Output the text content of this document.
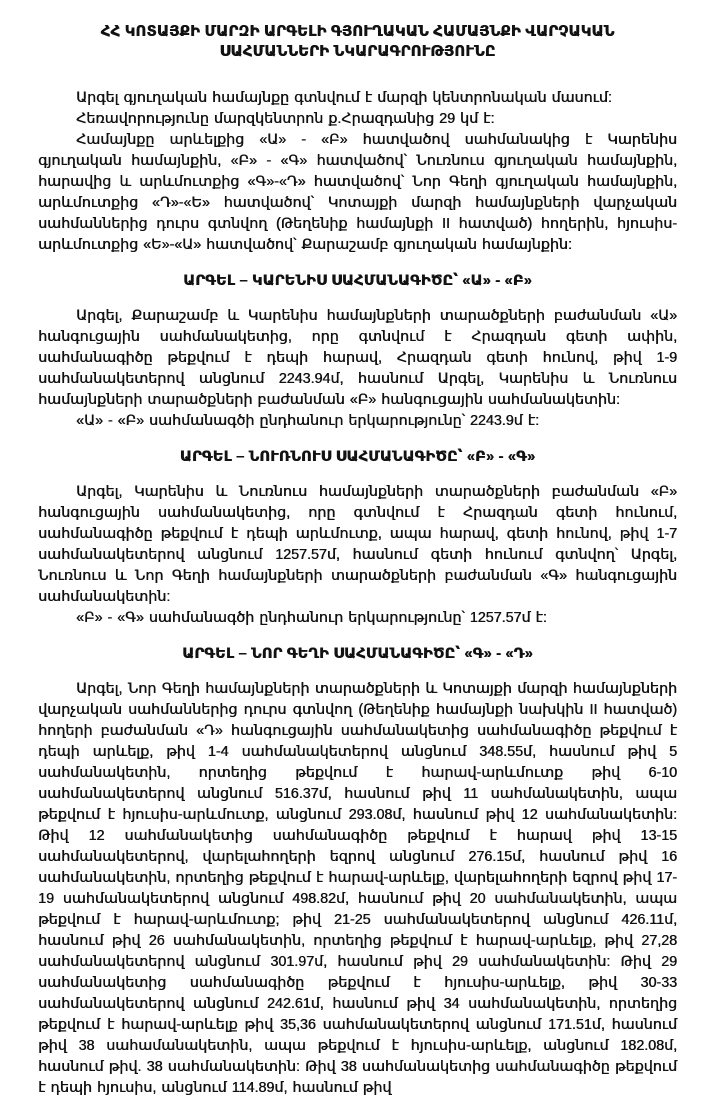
ՀՀ ԿՈՏԱՅՔԻ ՄԱՐԶԻ ԱՐԳԵԼԻ ԳՅՈՒՂԱԿԱՆ ՀԱՄԱՅՆՔԻ ՎԱՐՉԱԿԱՆ
ՍԱՀՄԱՆՆԵՐԻ ՆԿԱՐԱԳՐՈՒԹՅՈՒՆԸ

Արգել գյուղական համայնքը գտնվում է մարզի կենտրոնական մասում:

Հեռավորությունը մարզկենտրոն ք.Հրազդանից 29 կմ է:

Համայնքը արևելքից «Ա» - «Բ» հատվածով սահմանակից է Կարենիս գյուղական համայնքին, «Բ» - «Գ» հատվածով՝ Նուռնուս գյուղական համայնքին, հարավից և արևմուտքից «Գ»-«Դ» հատվածով՝ Նոր Գեղի գյուղական համայնքին, արևմուտքից «Դ»-«Ե» հատվածով՝ Կոտայքի մարզի համայնքների վարչական սահմաններից դուրս գտնվող (Թեղենիք համայնքի II հատված) հողերին, հյուսիս-արևմուտքից «Ե»-«Ա» հատվածով՝ Քարաշամբ գյուղական համայնքին:

ԱՐԳԵԼ – ԿԱՐԵՆԻՍ ՍԱՀՄԱՆԱԳԻԾԸ՝ «Ա» - «Բ»

Արգել, Քարաշամբ և Կարենիս համայնքների տարածքների բաժանման «Ա» հանգուցային սահմանակետից, որը գտնվում է Հրազդան գետի ափին, սահմանագիծը թեքվում է դեպի հարավ, Հրազդան գետի հունով, թիվ 1-9 սահմանակետերով անցնում 2243.94մ, հասնում Արգել, Կարենիս և Նուռնուս համայնքների տարածքների բաժանման «Բ» հանգուցային սահմանակետին:

«Ա» - «Բ» սահմանագծի ընդհանուր երկարությունը՝ 2243.9մ է:

ԱՐԳԵԼ – ՆՈՒՌՆՈՒՍ ՍԱՀՄԱՆԱԳԻԾԸ՝ «Բ» - «Գ»

Արգել, Կարենիս և Նուռնուս համայնքների տարածքների բաժանման «Բ» հանգուցային սահմանակետից, որը գտնվում է Հրազդան գետի հունում, սահմանագիծը թեքվում է դեպի արևմուտք, ապա հարավ, գետի հունով, թիվ 1-7 սահմանակետերով անցնում 1257.57մ, հասնում գետի հունում գտնվող՝ Արգել, Նուռնուս և Նոր Գեղի համայնքների տարածքների բաժանման «Գ» հանգուցային սահմանակետին:

«Բ» - «Գ» սահմանագծի ընդհանուր երկարությունը՝ 1257.57մ է:

ԱՐԳԵԼ – ՆՈՐ ԳԵՂԻ ՍԱՀՄԱՆԱԳԻԾԸ՝ «Գ» - «Դ»

Արգել, Նոր Գեղի համայնքների տարածքների և Կոտայքի մարզի համայնքների վարչական սահմաններից դուրս գտնվող (Թեղենիք համայնքի նախկին II հատված) հողերի բաժանման «Դ» հանգուցային սահմանակետից սահմանագիծը թեքվում է դեպի արևելք, թիվ 1-4 սահմանակետերով անցնում 348.55մ, հասնում թիվ 5 սահմանակետին, որտեղից թեքվում է հարավ-արևմուտք թիվ 6-10 սահմանակետերով անցնում 516.37մ, հասնում թիվ 11 սահմանակետին, ապա թեքվում է հյուսիս-արևմուտք, անցնում 293.08մ, հասնում թիվ 12 սահմանակետին: Թիվ 12 սահմանակետից սահմանագիծը թեքվում է հարավ թիվ 13-15 սահմանակետերով, վարելահողերի եզրով անցնում 276.15մ, հասնում թիվ 16 սահմանակետին, որտեղից թեքվում է հարավ-արևելք, վարելահողերի եզրով թիվ 17-19 սահմանակետերով անցնում 498.82մ, հասնում թիվ 20 սահմանակետին, ապա թեքվում է հարավ-արևմուտք; թիվ 21-25 սահմանակետերով անցնում 426.11մ, հասնում թիվ 26 սահմանակետին, որտեղից թեքվում է հարավ-արևելք, թիվ 27,28 սահմանակետերով անցնում 301.97մ, հասնում թիվ 29 սահմանակետին: Թիվ 29 սահմանակետից սահմանագիծը թեքվում է հյուսիս-արևելք, թիվ 30-33 սահմանակետերով անցնում 242.61մ, հասնում թիվ 34 սահմանակետին, որտեղից թեքվում է հարավ-արևելք թիվ 35,36 սահմանակետերով անցնում 171.51մ, հասնում թիվ 38 սահամանակետին, ապա թեքվում է հյուսիս-արևելք, անցնում 182.08մ, հասնում թիվ. 38 սահմանակետին: Թիվ 38 սահմանակետից սահմանագիծը թեքվում է դեպի հյուսիս, անցնում 114.89մ, հասնում թիվ
